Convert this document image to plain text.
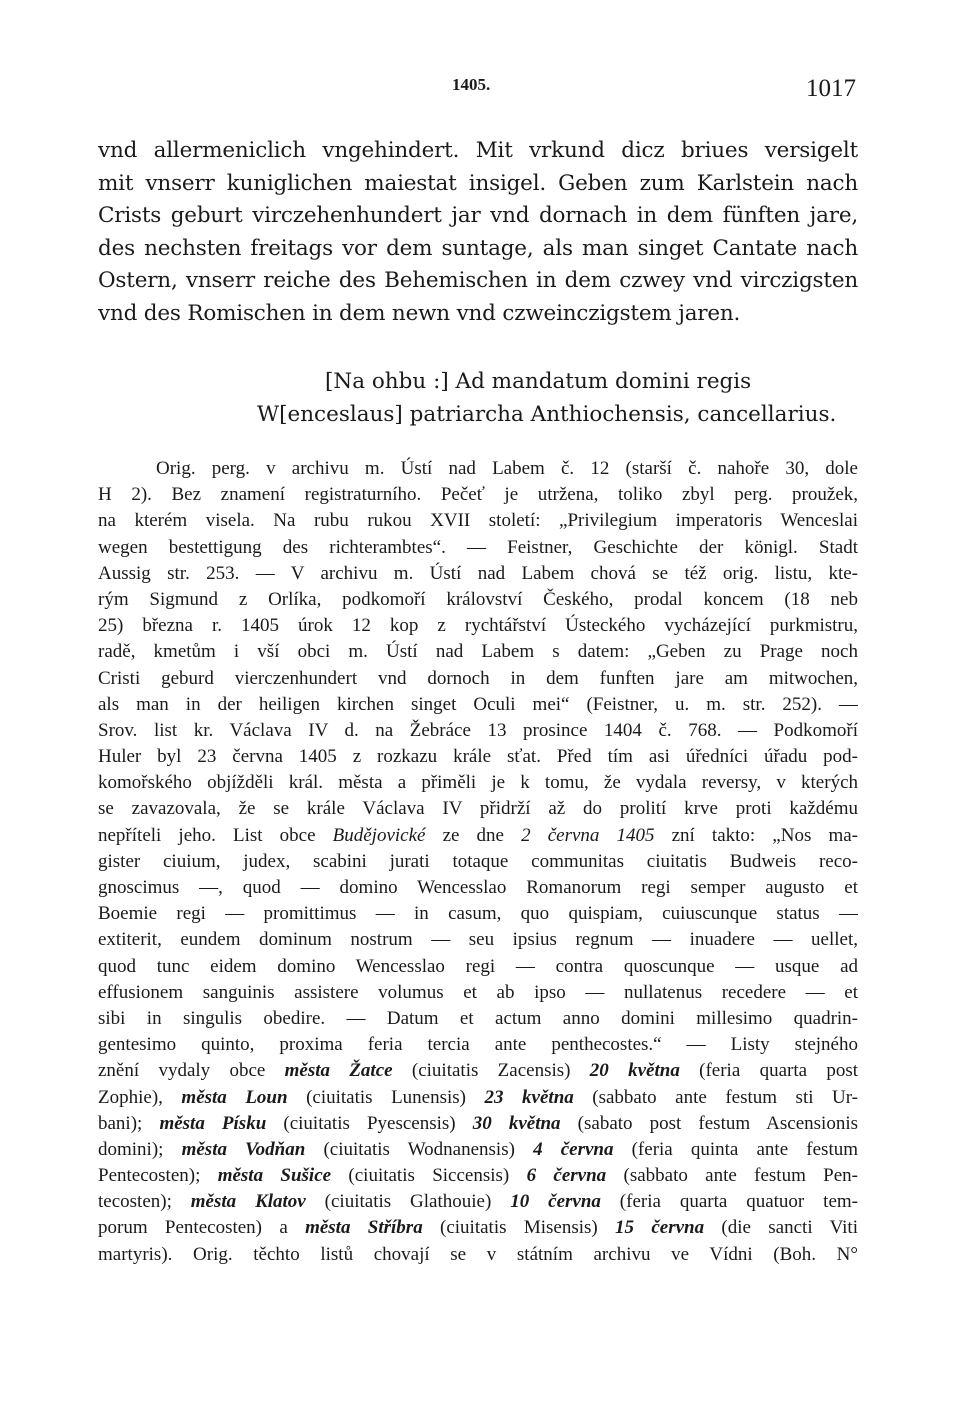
1405.	1017
vnd allermeniclich vngehindert. Mit vrkund dicz briues versigelt
mit vnserr kuniglichen maiestat insigel. Geben zum Karlstein nach
Crists geburt virczehenhundert jar vnd dornach in dem fünften jare,
des nechsten freitags vor dem suntage, als man singet Cantate nach
Ostern, vnserr reiche des Behemischen in dem czwey vnd virczigsten
vnd des Romischen in dem newn vnd czweinczigstem jaren.
[Na ohbu :] Ad mandatum domini regis
W[enceslaus] patriarcha Anthiochensis, cancellarius.
Orig. perg. v archivu m. Ústí nad Labem č. 12 (starší č. nahoře 30, dole
H 2). Bez znamení registraturního. Pečeť je utržena, toliko zbyl perg. proužek,
na kterém visela. Na rubu rukou XVII století: „Privilegium imperatoris Wenceslai
wegen bestettigung des richterambtes“. — Feistner, Geschichte der königl. Stadt
Aussig str. 253. — V archivu m. Ústí nad Labem chová se též orig. listu, kte-
rým Sigmund z Orlíka, podkomoří království Českého, prodal koncem (18 neb
25) března r. 1405 úrok 12 kop z rychtářství Ústeckého vycházející purkmistru,
radě, kmetům i vší obci m. Ústí nad Labem s datem: „Geben zu Prage noch
Cristi geburd vierczenhundert vnd dornoch in dem funften jare am mitwochen,
als man in der heiligen kirchen singet Oculi mei“ (Feistner, u. m. str. 252). —
Srov. list kr. Václava IV d. na Žebráce 13 prosince 1404 č. 768. — Podkomoří
Huler byl 23 června 1405 z rozkazu krále sťat. Před tím asi úředníci úřadu pod-
komořského objížděli král. města a přiměli je k tomu, že vydala reversy, v kterých
se zavazovala, že se krále Václava IV přidrží až do prolití krve proti každému
nepříteli jeho. List obce Budějovické ze dne 2 června 1405 zní takto: „Nos ma-
gister ciuium, judex, scabini jurati totaque communitas ciuitatis Budweis reco-
gnoscimus —, quod — domino Wencesslao Romanorum regi semper augusto et
Boemie regi — promittimus — in casum, quo quispiam, cuiuscunque status —
extiterit, eundem dominum nostrum — seu ipsius regnum — inuadere — uellet,
quod tunc eidem domino Wencesslao regi — contra quoscunque — usque ad
effusionem sanguinis assistere volumus et ab ipso — nullatenus recedere — et
sibi in singulis obedire. — Datum et actum anno domini millesimo quadrin-
gentesimo quinto, proxima feria tercia ante penthecostes.“ — Listy stejného
znění vydaly obce města Žatce (ciuitatis Zacensis) 20 května (feria quarta post
Zophie), města Loun (ciuitatis Lunensis) 23 května (sabbato ante festum sti Ur-
bani); města Písku (ciuitatis Pyescensis) 30 května (sabato post festum Ascensionis
domini); města Vodňan (ciuitatis Wodnanensis) 4 června (feria quinta ante festum
Pentecosten); města Sušice (ciuitatis Siccensis) 6 června (sabbato ante festum Pen-
tecosten); města Klatov (ciuitatis Glathouie) 10 června (feria quarta quatuor tem-
porum Pentecosten) a města Stříbra (ciuitatis Misensis) 15 června (die sancti Viti
martyris). Orig. těchto listů chovají se v státním archivu ve Vídni (Boh. N°
